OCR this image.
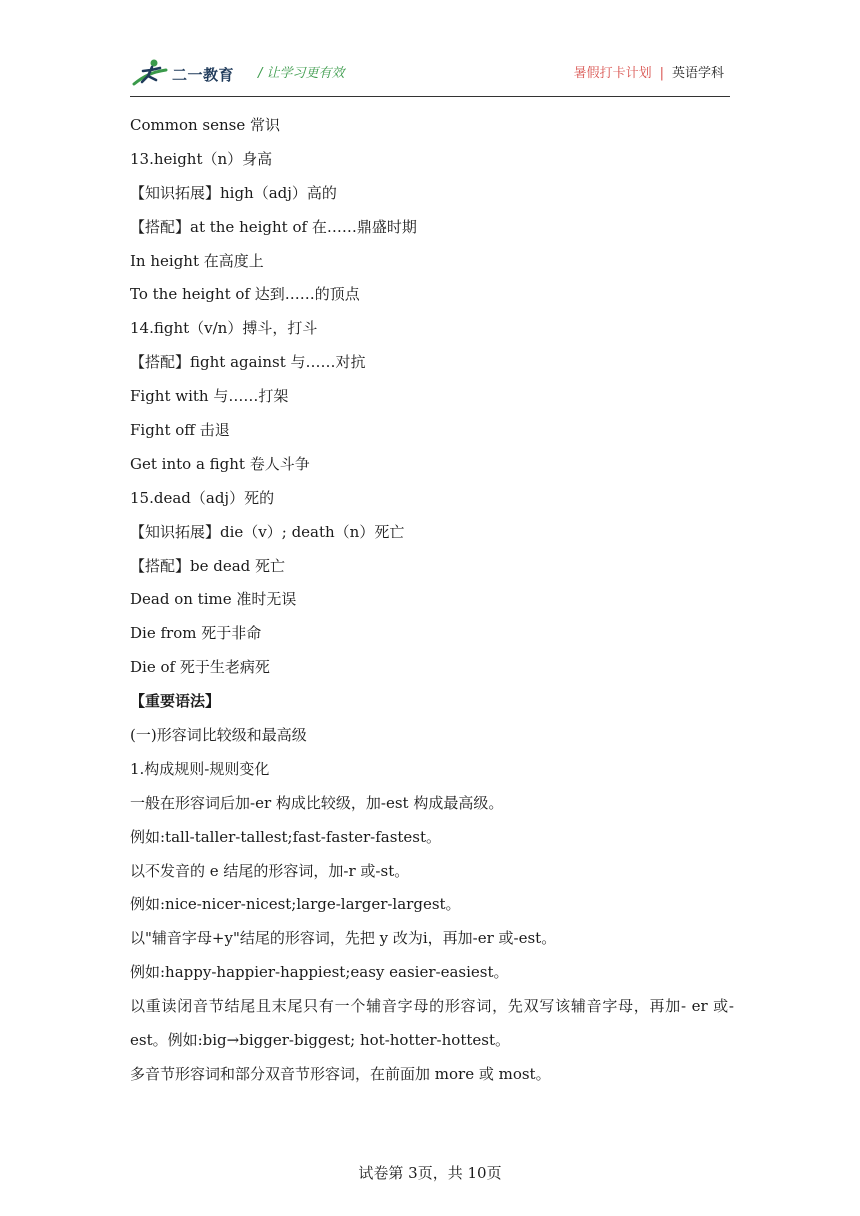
二一教育 / 让学习更有效	暑假打卡计划 | 英语学科
Common sense 常识
13.height（n）身高
【知识拓展】high（adj）高的
【搭配】at the height of 在……鼎盛时期
In height 在高度上
To the height of 达到……的顶点
14.fight（v/n）搏斗，打斗
【搭配】fight against 与……对抗
Fight with 与……打架
Fight off 击退
Get into a fight 卷人斗争
15.dead（adj）死的
【知识拓展】die（v）; death（n）死亡
【搭配】be dead 死亡
Dead on time 准时无误
Die from 死于非命
Die of 死于生老病死
【重要语法】
(一)形容词比较级和最高级
1.构成规则-规则变化
一般在形容词后加-er 构成比较级，加-est 构成最高级。
例如:tall-taller-tallest;fast-faster-fastest。
以不发音的 e 结尾的形容词，加-r 或-st。
例如:nice-nicer-nicest;large-larger-largest。
以"辅音字母+y"结尾的形容词，先把 y 改为i，再加-er 或-est。
例如:happy-happier-happiest;easy easier-easiest。
以重读闭音节结尾且末尾只有一个辅音字母的形容词，先双写该辅音字母，再加- er 或-est。例如:big→bigger-biggest; hot-hotter-hottest。
多音节形容词和部分双音节形容词，在前面加 more 或 most。
试卷第 3页，共 10页
